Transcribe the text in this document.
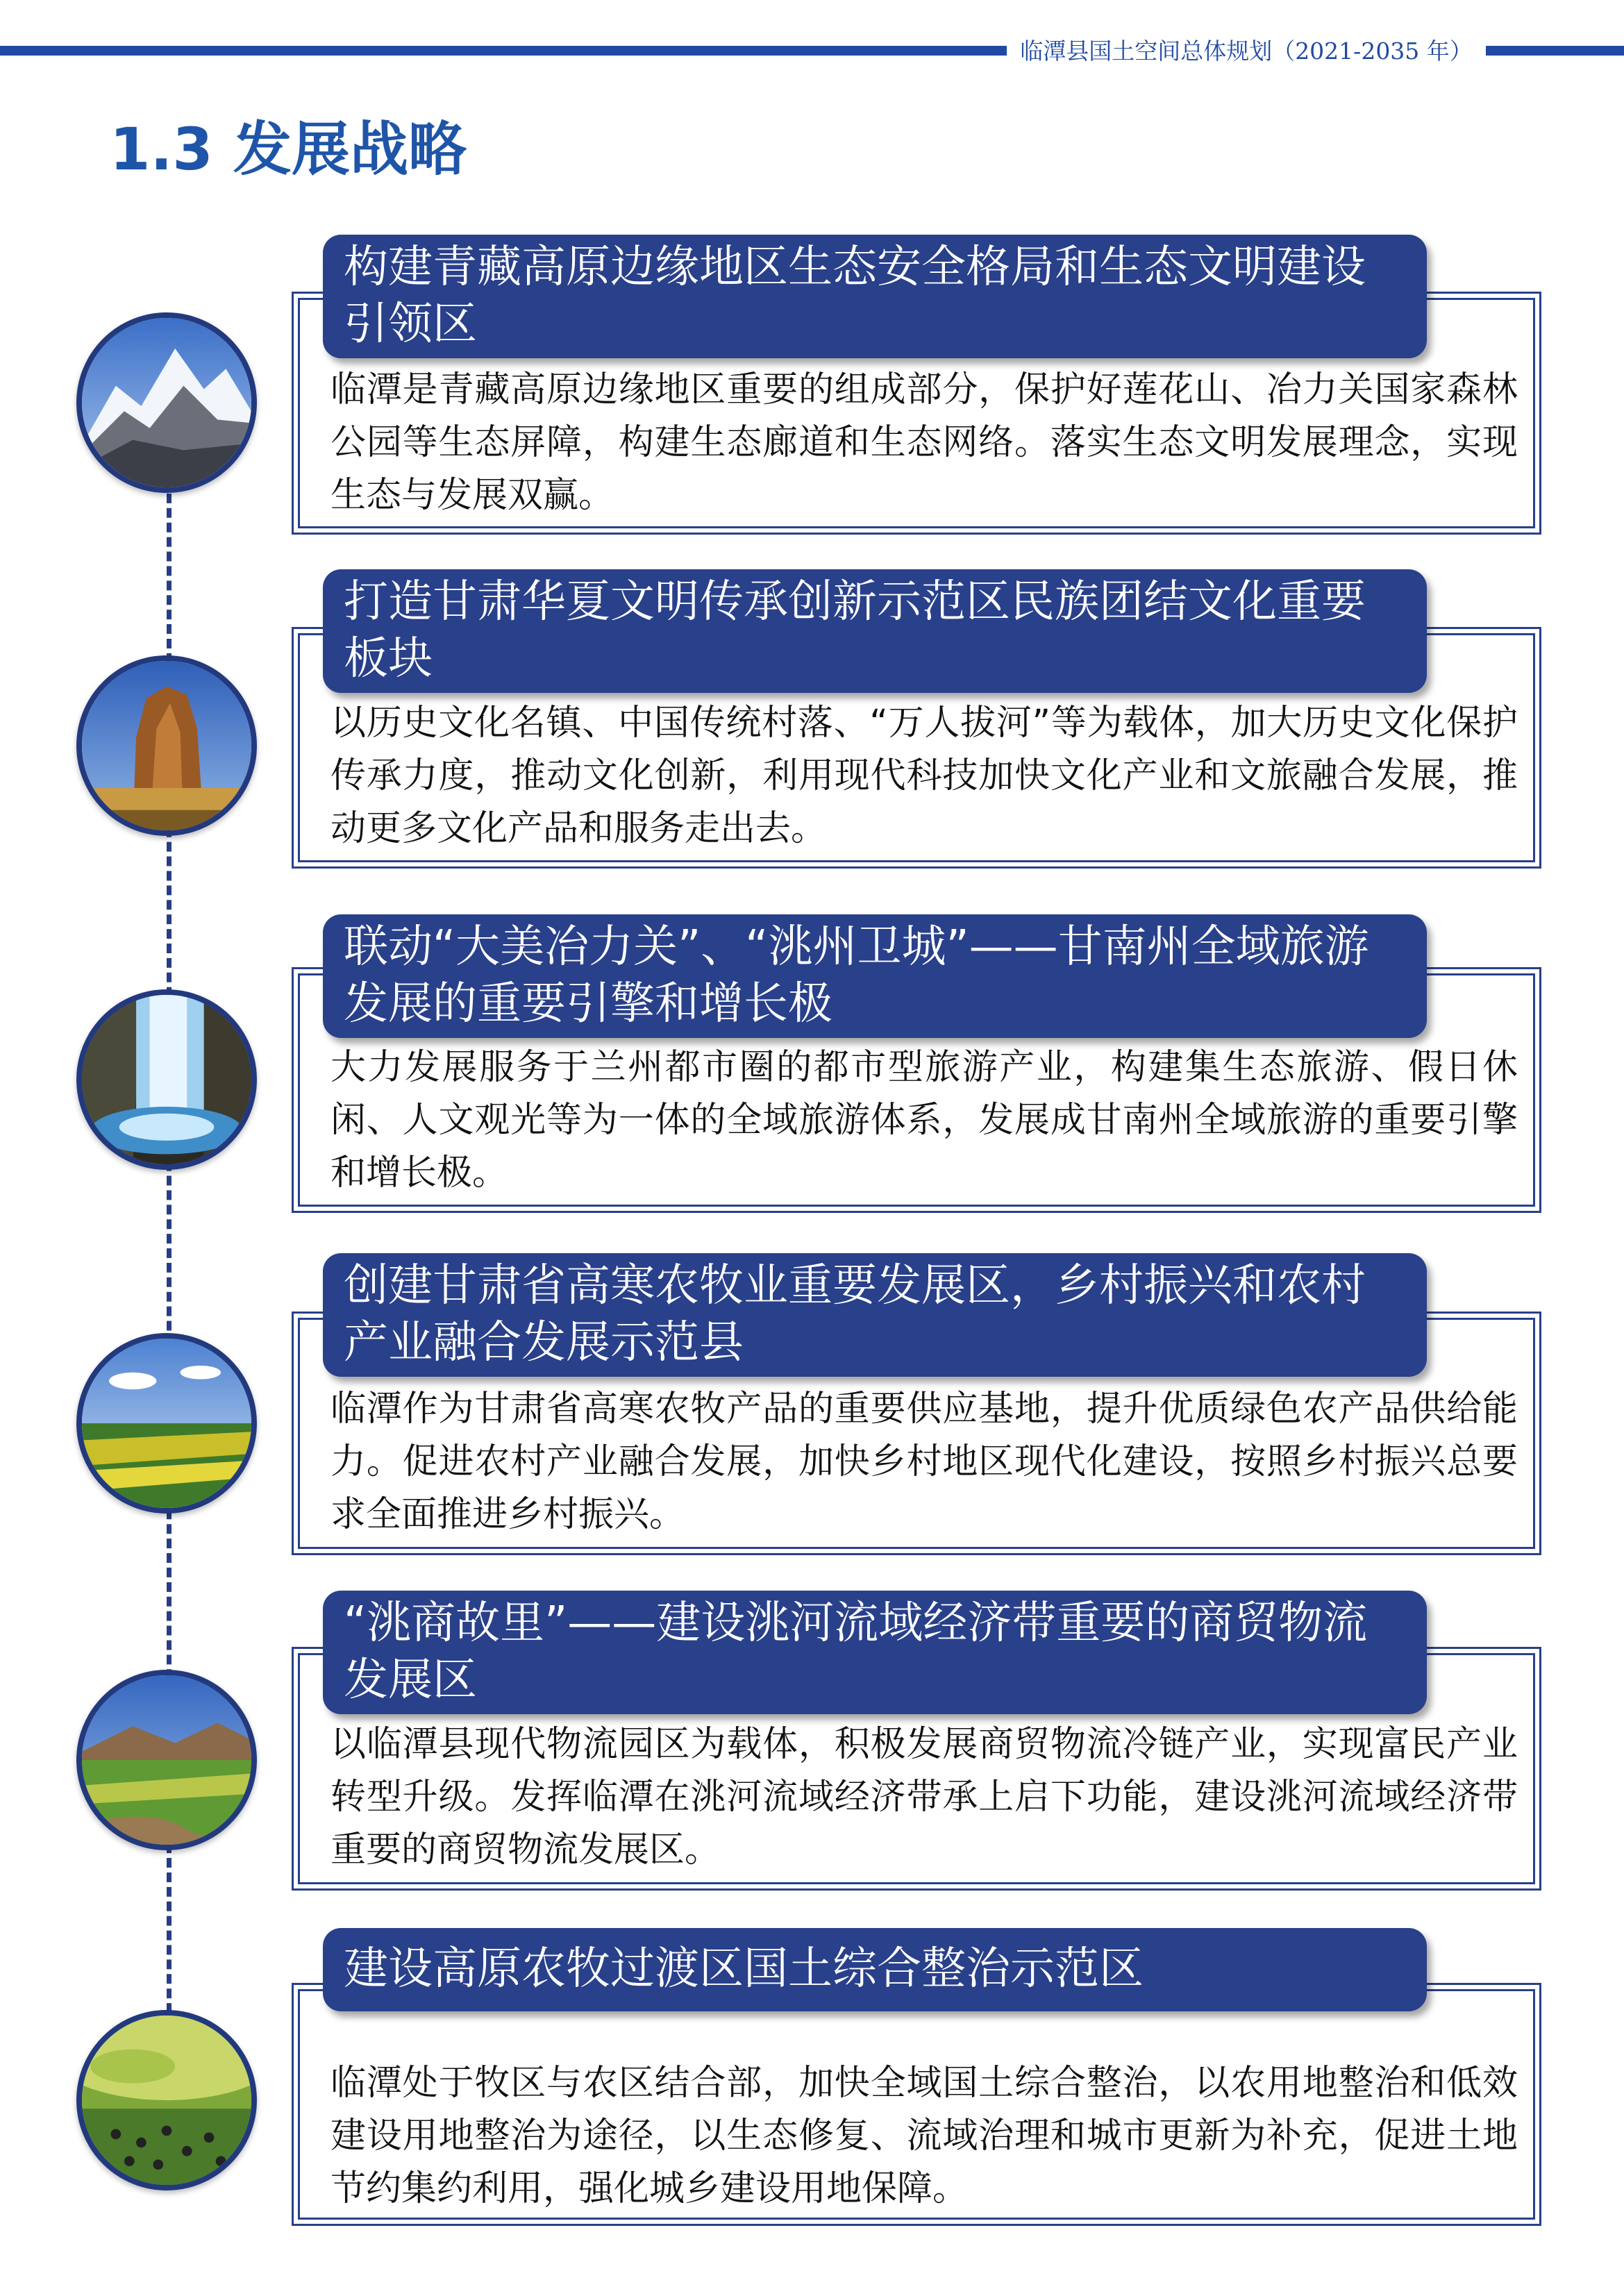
临潭县国土空间总体规划（2021-2035 年）
1.3 发展战略
构建青藏高原边缘地区生态安全格局和生态文明建设引领区
临潭是青藏高原边缘地区重要的组成部分，保护好莲花山、冶力关国家森林公园等生态屏障，构建生态廊道和生态网络。落实生态文明发展理念，实现生态与发展双赢。
打造甘肃华夏文明传承创新示范区民族团结文化重要板块
以历史文化名镇、中国传统村落、“万人拔河”等为载体，加大历史文化保护传承力度，推动文化创新，利用现代科技加快文化产业和文旅融合发展，推动更多文化产品和服务走出去。
联动“大美冶力关”、“洮州卫城”——甘南州全域旅游发展的重要引擎和增长极
大力发展服务于兰州都市圈的都市型旅游产业，构建集生态旅游、假日休闲、人文观光等为一体的全域旅游体系，发展成甘南州全域旅游的重要引擎和增长极。
创建甘肃省高寒农牧业重要发展区，乡村振兴和农村产业融合发展示范县
临潭作为甘肃省高寒农牧产品的重要供应基地，提升优质绿色农产品供给能力。促进农村产业融合发展，加快乡村地区现代化建设，按照乡村振兴总要求全面推进乡村振兴。
“洮商故里”——建设洮河流域经济带重要的商贸物流发展区
以临潭县现代物流园区为载体，积极发展商贸物流冷链产业，实现富民产业转型升级。发挥临潭在洮河流域经济带承上启下功能，建设洮河流域经济带重要的商贸物流发展区。
建设高原农牧过渡区国土综合整治示范区
临潭处于牧区与农区结合部，加快全域国土综合整治，以农用地整治和低效建设用地整治为途径，以生态修复、流域治理和城市更新为补充，促进土地节约集约利用，强化城乡建设用地保障。
